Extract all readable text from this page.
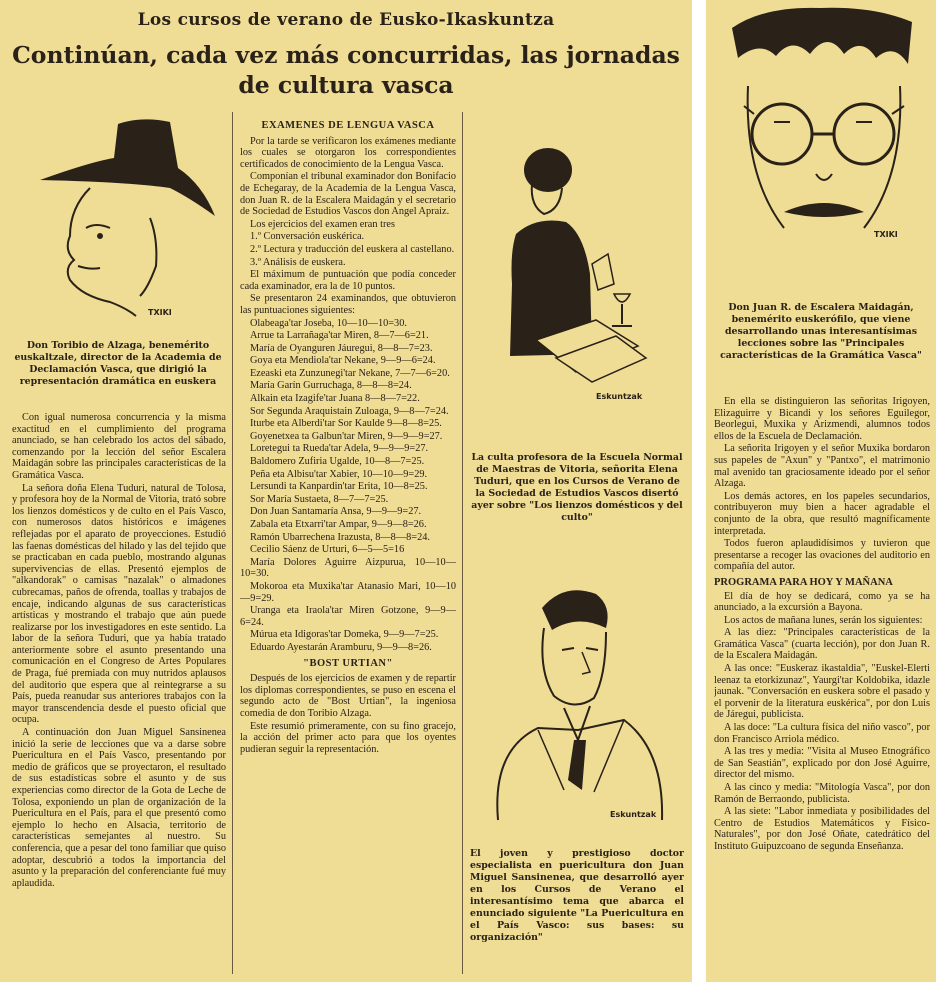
Los cursos de verano de Eusko-Ikaskuntza
Continúan, cada vez más concurridas, las jornadas de cultura vasca
TXIKI
Don Toribio de Alzaga, benemérito euskaltzale, director de la Academia de Declamación Vasca, que dirigió la representación dramática en euskera

Con igual numerosa concurrencia y la misma exactitud en el cumplimiento del programa anunciado, se han celebrado los actos del sábado, comenzando por la lección del señor Escalera Maidagán sobre las principales características de la Gramática Vasca.

La señora doña Elena Tuduri, natural de Tolosa, y profesora hoy de la Normal de Vitoria, trató sobre los lienzos domésticos y de culto en el País Vasco, con numerosos datos históricos e imágenes reflejadas por el aparato de proyecciones. Estudió las faenas domésticas del hilado y las del tejido que se practicaban en cada pueblo, mostrando algunas supervivencias de ellas. Presentó ejemplos de "alkandorak" o camisas "nazalak" o almadones cubrecamas, paños de ofrenda, toallas y trabajos de encaje, indicando algunas de sus características artísticas y mostrando el trabajo que aún puede realizarse por los investigadores en este sentido. La labor de la señora Tuduri, que ya había tratado anteriormente sobre el asunto presentando una comunicación en el Congreso de Artes Populares de Praga, fué premiada con muy nutridos aplausos del auditorio que espera que al reintegrarse a su País, pueda reanudar sus anteriores trabajos con la mayor transcendencia desde el puesto oficial que ocupa.

A continuación don Juan Miguel Sansinenea inició la serie de lecciones que va a darse sobre Puericultura en el País Vasco, presentando por medio de gráficos que se proyectaron, el resultado de sus estadísticas sobre el asunto y de sus experiencias como director de la Gota de Leche de Tolosa, exponiendo un plan de organización de la Puericultura en el País, para el que presentó como ejemplo lo hecho en Alsacia, territorio de características semejantes al nuestro. Su conferencia, que a pesar del tono familiar que quiso adoptar, descubrió a todos la importancia del asunto y la preparación del conferenciante fué muy aplaudida.

EXAMENES DE LENGUA VASCA

Por la tarde se verificaron los exámenes mediante los cuales se otorgaron los correspondientes certificados de conocimiento de la Lengua Vasca.

Componían el tribunal examinador don Bonifacio de Echegaray, de la Academia de la Lengua Vasca, don Juan R. de la Escalera Maidagán y el secretario de Sociedad de Estudios Vascos don Angel Apraiz.

Los ejercicios del examen eran tres

1.º Conversación euskérica.

2.º Lectura y traducción del euskera al castellano.

3.º Análisis de euskera.

El máximum de puntuación que podía conceder cada examinador, era la de 10 puntos.

Se presentaron 24 examinandos, que obtuvieron las puntuaciones siguientes:

Olabeaga'tar Joseba, 10—10—10=30.

Arrue ta Larrañaga'tar Miren, 8—7—6=21.

María de Oyanguren Jáuregui, 8—8—7=23.

Goya eta Mendiola'tar Nekane, 9—9—6=24.

Ezeaski eta Zunzunegi'tar Nekane, 7—7—6=20.

María Garín Gurruchaga, 8—8—8=24.

Alkain eta Izagife'tar Juana 8—8—7=22.

Sor Segunda Araquistain Zuloaga, 9—8—7=24.

Iturbe eta Alberdi'tar Sor Kaulde 9—8—8=25.

Goyenetxea ta Galbun'tar Miren, 9—9—9=27.

Loretegui ta Rueda'tar Adela, 9—9—9=27.

Baldomero Zufiria Ugalde, 10—8—7=25.

Peña eta Albisu'tar Xabier, 10—10—9=29.

Lersundi ta Kanpardin'tar Erita, 10—8=25.

Sor María Sustaeta, 8—7—7=25.

Don Juan Santamaría Ansa, 9—9—9=27.

Zabala eta Etxarri'tar Ampar, 9—9—8=26.

Ramón Ubarrechena Irazusta, 8—8—8=24.

Cecilio Sáenz de Urturi, 6—5—5=16

María Dolores Aguirre Aizpurua, 10—10—10=30.

Mokoroa eta Muxika'tar Atanasio Mari, 10—10—9=29.

Uranga eta Iraola'tar Miren Gotzone, 9—9—6=24.

Múrua eta Idigoras'tar Domeka, 9—9—7=25.

Eduardo Ayestarán Aramburu, 9—9—8=26.

"BOST URTIAN"

Después de los ejercicios de examen y de repartir los diplomas correspondientes, se puso en escena el segundo acto de "Bost Urtian", la ingeniosa comedia de don Toribio Alzaga.

Este resumió primeramente, con su fino gracejo, la acción del primer acto para que los oyentes pudieran seguir la representación.

Eskuntzak
La culta profesora de la Escuela Normal de Maestras de Vitoria, señorita Elena Tuduri, que en los Cursos de Verano de la Sociedad de Estudios Vascos disertó ayer sobre "Los lienzos domésticos y del culto"
Eskuntzak
El joven y prestigioso doctor especialista en puericultura don Juan Miguel Sansinenea, que desarrolló ayer en los Cursos de Verano el interesantísimo tema que abarca el enunciado siguiente "La Puericultura en el País Vasco: sus bases: su organización"
TXIKI
Don Juan R. de Escalera Maidagán, benemérito euskerófilo, que viene desarrollando unas interesantísimas lecciones sobre las "Principales características de la Gramática Vasca"

En ella se distinguieron las señoritas Irigoyen, Elizaguirre y Bicandi y los señores Eguilegor, Beorlegui, Muxika y Arizmendi, alumnos todos ellos de la Escuela de Declamación.

La señorita Irigoyen y el señor Muxika bordaron sus papeles de "Axun" y "Pantxo", el matrimonio mal avenido tan graciosamente ideado por el señor Alzaga.

Los demás actores, en los papeles secundarios, contribuyeron muy bien a hacer agradable el conjunto de la obra, que resultó magníficamente interpretada.

Todos fueron aplaudidísimos y tuvieron que presentarse a recoger las ovaciones del auditorio en compañía del autor.

PROGRAMA PARA HOY Y MAÑANA

El día de hoy se dedicará, como ya se ha anunciado, a la excursión a Bayona.

Los actos de mañana lunes, serán los siguientes:

A las diez: "Principales características de la Gramática Vasca" (cuarta lección), por don Juan R. de la Escalera Maidagán.

A las once: "Euskeraz ikastaldia", "Euskel-Elerti leenaz ta etorkizunaz", Yaurgi'tar Koldobika, idazle jaunak. "Conversación en euskera sobre el pasado y el porvenir de la literatura euskérica", por don Luis de Járegui, publicista.

A las doce: "La cultura física del niño vasco", por don Francisco Arriola médico.

A las tres y media: "Visita al Museo Etnográfico de San Seastián", explicado por don José Aguirre, director del mismo.

A las cinco y media: "Mitología Vasca", por don Ramón de Berraondo, publicista.

A las siete: "Labor inmediata y posibilidades del Centro de Estudios Matemáticos y Físico-Naturales", por don José Oñate, catedrático del Instituto Guipuzcoano de segunda Enseñanza.
